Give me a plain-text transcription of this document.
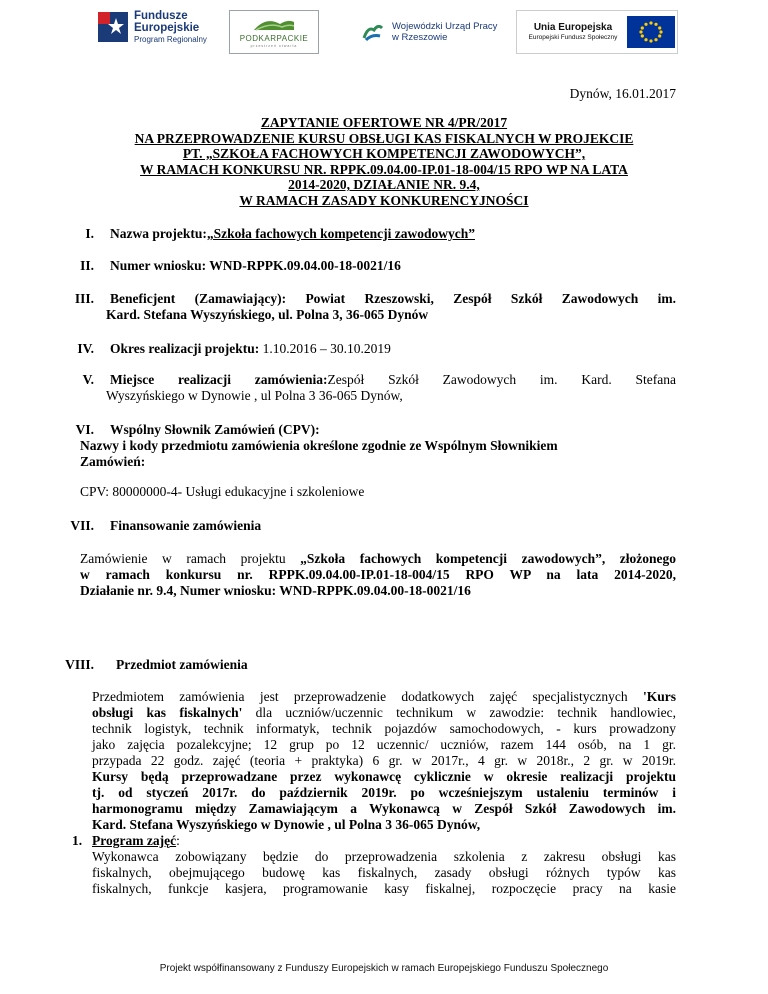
Fundusze
Europejskie
Program Regionalny	PODKARPACKIE
przestrzeń otwarta
Wojewódzki Urząd Pracy
w Rzeszowie
Unia Europejska
Europejski Fundusz Społeczny
Dynów, 16.01.2017
ZAPYTANIE OFERTOWE NR 4/PR/2017
NA PRZEPROWADZENIE KURSU OBSŁUGI KAS FISKALNYCH W PROJEKCIE
PT. „SZKOŁA FACHOWYCH KOMPETENCJI ZAWODOWYCH”,
W RAMACH KONKURSU NR. RPPK.09.04.00-IP.01-18-004/15 RPO WP NA LATA
2014-2020, DZIAŁANIE NR. 9.4,
W RAMACH ZASADY KONKURENCYJNOŚCI
I. Nazwa projektu:„Szkoła fachowych kompetencji zawodowych”
II. Numer wniosku: WND-RPPK.09.04.00-18-0021/16
III. Beneficjent (Zamawiający): Powiat Rzeszowski, Zespół Szkół Zawodowych im.
Kard. Stefana Wyszyńskiego, ul. Polna 3, 36-065 Dynów
IV. Okres realizacji projektu: 1.10.2016 – 30.10.2019
V. Miejsce realizacji zamówienia:Zespół Szkół Zawodowych im. Kard. Stefana
Wyszyńskiego w Dynowie , ul Polna 3 36-065 Dynów,
VI. Wspólny Słownik Zamówień (CPV):
Nazwy i kody przedmiotu zamówienia określone zgodnie ze Wspólnym Słownikiem
Zamówień:
CPV: 80000000-4- Usługi edukacyjne i szkoleniowe
VII. Finansowanie zamówienia
Zamówienie w ramach projektu „Szkoła fachowych kompetencji zawodowych”, złożonego
w ramach konkursu nr. RPPK.09.04.00-IP.01-18-004/15 RPO WP na lata 2014-2020,
Działanie nr. 9.4, Numer wniosku: WND-RPPK.09.04.00-18-0021/16
VIII. Przedmiot zamówienia
Przedmiotem zamówienia jest przeprowadzenie dodatkowych zajęć specjalistycznych 'Kurs
obsługi kas fiskalnych' dla uczniów/uczennic technikum w zawodzie: technik handlowiec,
technik logistyk, technik informatyk, technik pojazdów samochodowych, - kurs prowadzony
jako zajęcia pozalekcyjne; 12 grup po 12 uczennic/ uczniów, razem 144 osób, na 1 gr.
przypada 22 godz. zajęć (teoria + praktyka) 6 gr. w 2017r., 4 gr. w 2018r., 2 gr. w 2019r.
Kursy będą przeprowadzane przez wykonawcę cyklicznie w okresie realizacji projektu
tj. od styczeń 2017r. do październik 2019r. po wcześniejszym ustaleniu terminów i
harmonogramu między Zamawiającym a Wykonawcą w Zespół Szkół Zawodowych im.
Kard. Stefana Wyszyńskiego w Dynowie , ul Polna 3 36-065 Dynów,
1. Program zajęć:
Wykonawca zobowiązany będzie do przeprowadzenia szkolenia z zakresu obsługi kas
fiskalnych, obejmującego budowę kas fiskalnych, zasady obsługi różnych typów kas
fiskalnych, funkcje kasjera, programowanie kasy fiskalnej, rozpoczęcie pracy na kasie
Projekt współfinansowany z Funduszy Europejskich w ramach Europejskiego Funduszu Społecznego
